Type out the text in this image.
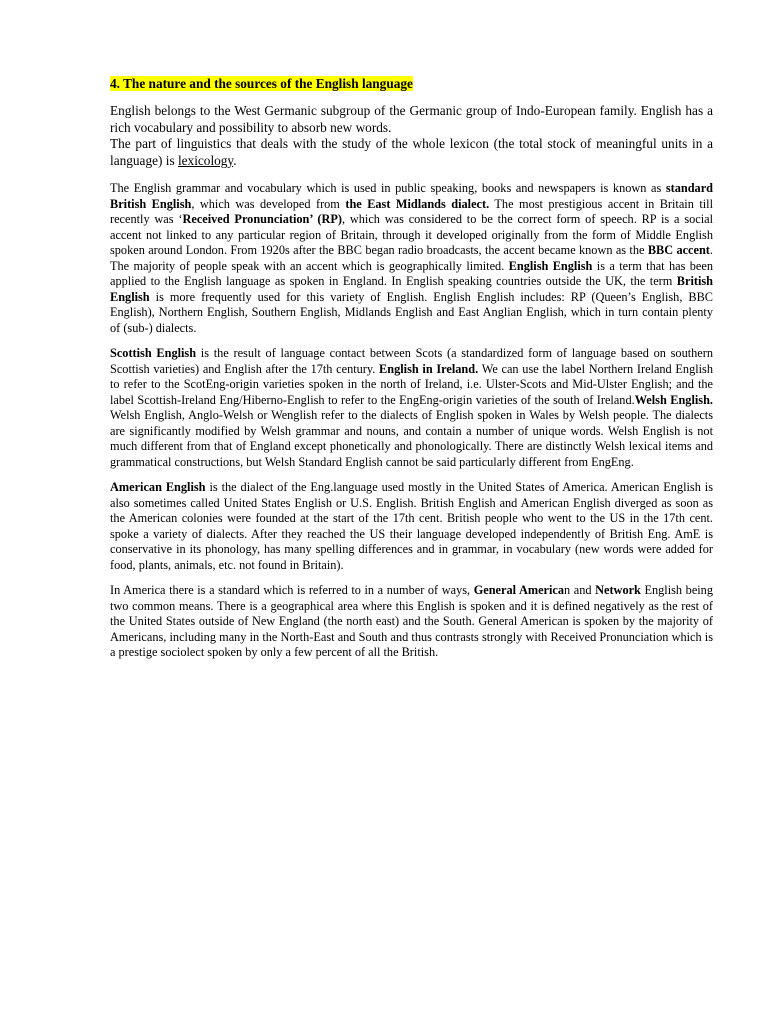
4. The nature and the sources of the English language

English belongs to the West Germanic subgroup of the Germanic group of Indo-European family. English has a rich vocabulary and possibility to absorb new words.

The part of linguistics that deals with the study of the whole lexicon (the total stock of meaningful units in a language) is lexicology.

The English grammar and vocabulary which is used in public speaking, books and newspapers is known as standard British English, which was developed from the East Midlands dialect. The most prestigious accent in Britain till recently was ‘Received Pronunciation’ (RP), which was considered to be the correct form of speech. RP is a social accent not linked to any particular region of Britain, through it developed originally from the form of Middle English spoken around London. From 1920s after the BBC began radio broadcasts, the accent became known as the BBC accent. The majority of people speak with an accent which is geographically limited. English English is a term that has been applied to the English language as spoken in England. In English speaking countries outside the UK, the term British English is more frequently used for this variety of English. English English includes: RP (Queen’s English, BBC English), Northern English, Southern English, Midlands English and East Anglian English, which in turn contain plenty of (sub-) dialects.

Scottish English is the result of language contact between Scots (a standardized form of language based on southern Scottish varieties) and English after the 17th century. English in Ireland. We can use the label Northern Ireland English to refer to the ScotEng-origin varieties spoken in the north of Ireland, i.e. Ulster-Scots and Mid-Ulster English; and the label Scottish-Ireland Eng/Hiberno-English to refer to the EngEng-origin varieties of the south of Ireland.Welsh English. Welsh English, Anglo-Welsh or Wenglish refer to the dialects of English spoken in Wales by Welsh people. The dialects are significantly modified by Welsh grammar and nouns, and contain a number of unique words. Welsh English is not much different from that of England except phonetically and phonologically. There are distinctly Welsh lexical items and grammatical constructions, but Welsh Standard English cannot be said particularly different from EngEng.

American English is the dialect of the Eng.language used mostly in the United States of America. American English is also sometimes called United States English or U.S. English. British English and American English diverged as soon as the American colonies were founded at the start of the 17th cent. British people who went to the US in the 17th cent. spoke a variety of dialects. After they reached the US their language developed independently of British Eng. AmE is conservative in its phonology, has many spelling differences and in grammar, in vocabulary (new words were added for food, plants, animals, etc. not found in Britain).

In America there is a standard which is referred to in a number of ways, General American and Network English being two common means. There is a geographical area where this English is spoken and it is defined negatively as the rest of the United States outside of New England (the north east) and the South. General American is spoken by the majority of Americans, including many in the North-East and South and thus contrasts strongly with Received Pronunciation which is a prestige sociolect spoken by only a few percent of all the British.
